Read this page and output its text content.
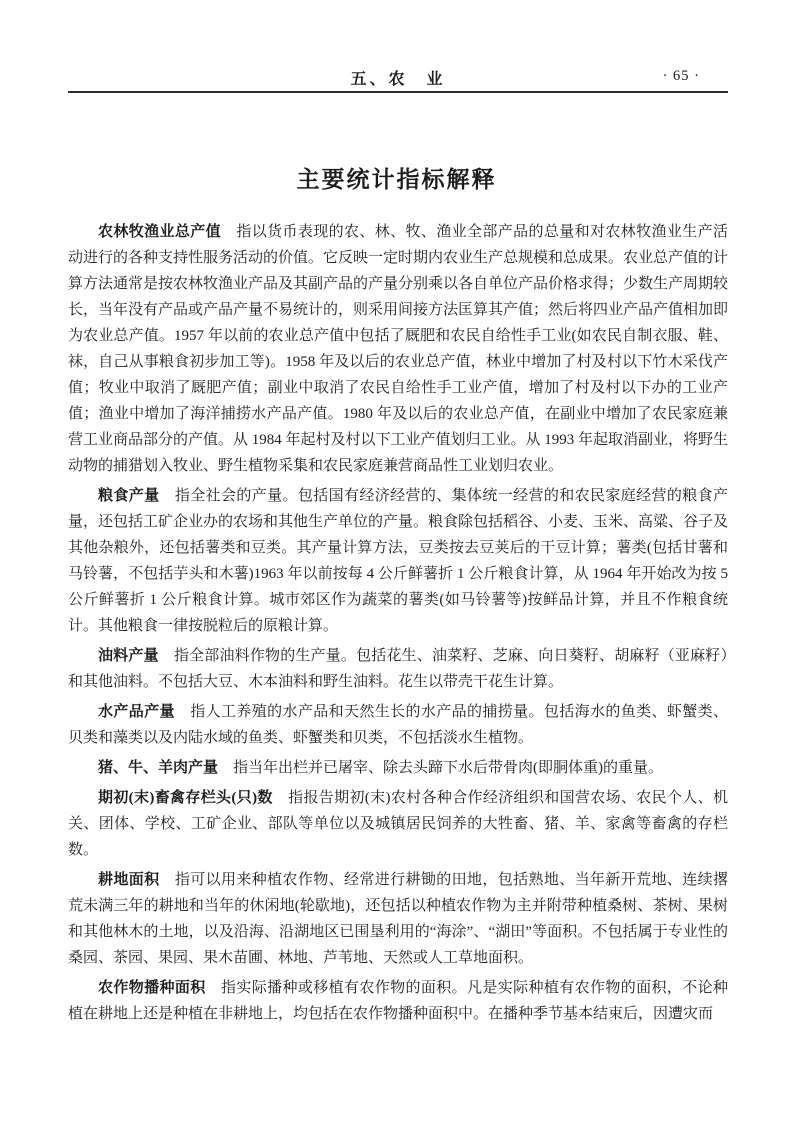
五、农　业	· 65 ·
主要统计指标解释

农林牧渔业总产值 指以货币表现的农、林、牧、渔业全部产品的总量和对农林牧渔业生产活动进行的各种支持性服务活动的价值。它反映一定时期内农业生产总规模和总成果。农业总产值的计算方法通常是按农林牧渔业产品及其副产品的产量分别乘以各自单位产品价格求得；少数生产周期较长，当年没有产品或产品产量不易统计的，则采用间接方法匡算其产值；然后将四业产品产值相加即为农业总产值。1957 年以前的农业总产值中包括了厩肥和农民自给性手工业(如农民自制衣服、鞋、袜，自己从事粮食初步加工等)。1958 年及以后的农业总产值，林业中增加了村及村以下竹木采伐产值；牧业中取消了厩肥产值；副业中取消了农民自给性手工业产值，增加了村及村以下办的工业产值；渔业中增加了海洋捕捞水产品产值。1980 年及以后的农业总产值，在副业中增加了农民家庭兼营工业商品部分的产值。从 1984 年起村及村以下工业产值划归工业。从 1993 年起取消副业，将野生动物的捕猎划入牧业、野生植物采集和农民家庭兼营商品性工业划归农业。

粮食产量 指全社会的产量。包括国有经济经营的、集体统一经营的和农民家庭经营的粮食产量，还包括工矿企业办的农场和其他生产单位的产量。粮食除包括稻谷、小麦、玉米、高粱、谷子及其他杂粮外，还包括薯类和豆类。其产量计算方法，豆类按去豆荚后的干豆计算；薯类(包括甘薯和马铃薯，不包括芋头和木薯)1963 年以前按每 4 公斤鲜薯折 1 公斤粮食计算，从 1964 年开始改为按 5 公斤鲜薯折 1 公斤粮食计算。城市郊区作为蔬菜的薯类(如马铃薯等)按鲜品计算，并且不作粮食统计。其他粮食一律按脱粒后的原粮计算。

油料产量 指全部油料作物的生产量。包括花生、油菜籽、芝麻、向日葵籽、胡麻籽（亚麻籽）和其他油料。不包括大豆、木本油料和野生油料。花生以带壳干花生计算。

水产品产量 指人工养殖的水产品和天然生长的水产品的捕捞量。包括海水的鱼类、虾蟹类、贝类和藻类以及内陆水域的鱼类、虾蟹类和贝类，不包括淡水生植物。

猪、牛、羊肉产量 指当年出栏并已屠宰、除去头蹄下水后带骨肉(即胴体重)的重量。

期初(末)畜禽存栏头(只)数 指报告期初(末)农村各种合作经济组织和国营农场、农民个人、机关、团体、学校、工矿企业、部队等单位以及城镇居民饲养的大牲畜、猪、羊、家禽等畜禽的存栏数。

耕地面积 指可以用来种植农作物、经常进行耕锄的田地，包括熟地、当年新开荒地、连续撂荒未满三年的耕地和当年的休闲地(轮歇地)，还包括以种植农作物为主并附带种植桑树、茶树、果树和其他林木的土地，以及沿海、沿湖地区已围垦利用的“海涂”、“湖田”等面积。不包括属于专业性的桑园、茶园、果园、果木苗圃、林地、芦苇地、天然或人工草地面积。

农作物播种面积 指实际播种或移植有农作物的面积。凡是实际种植有农作物的面积，不论种植在耕地上还是种植在非耕地上，均包括在农作物播种面积中。在播种季节基本结束后，因遭灾而
